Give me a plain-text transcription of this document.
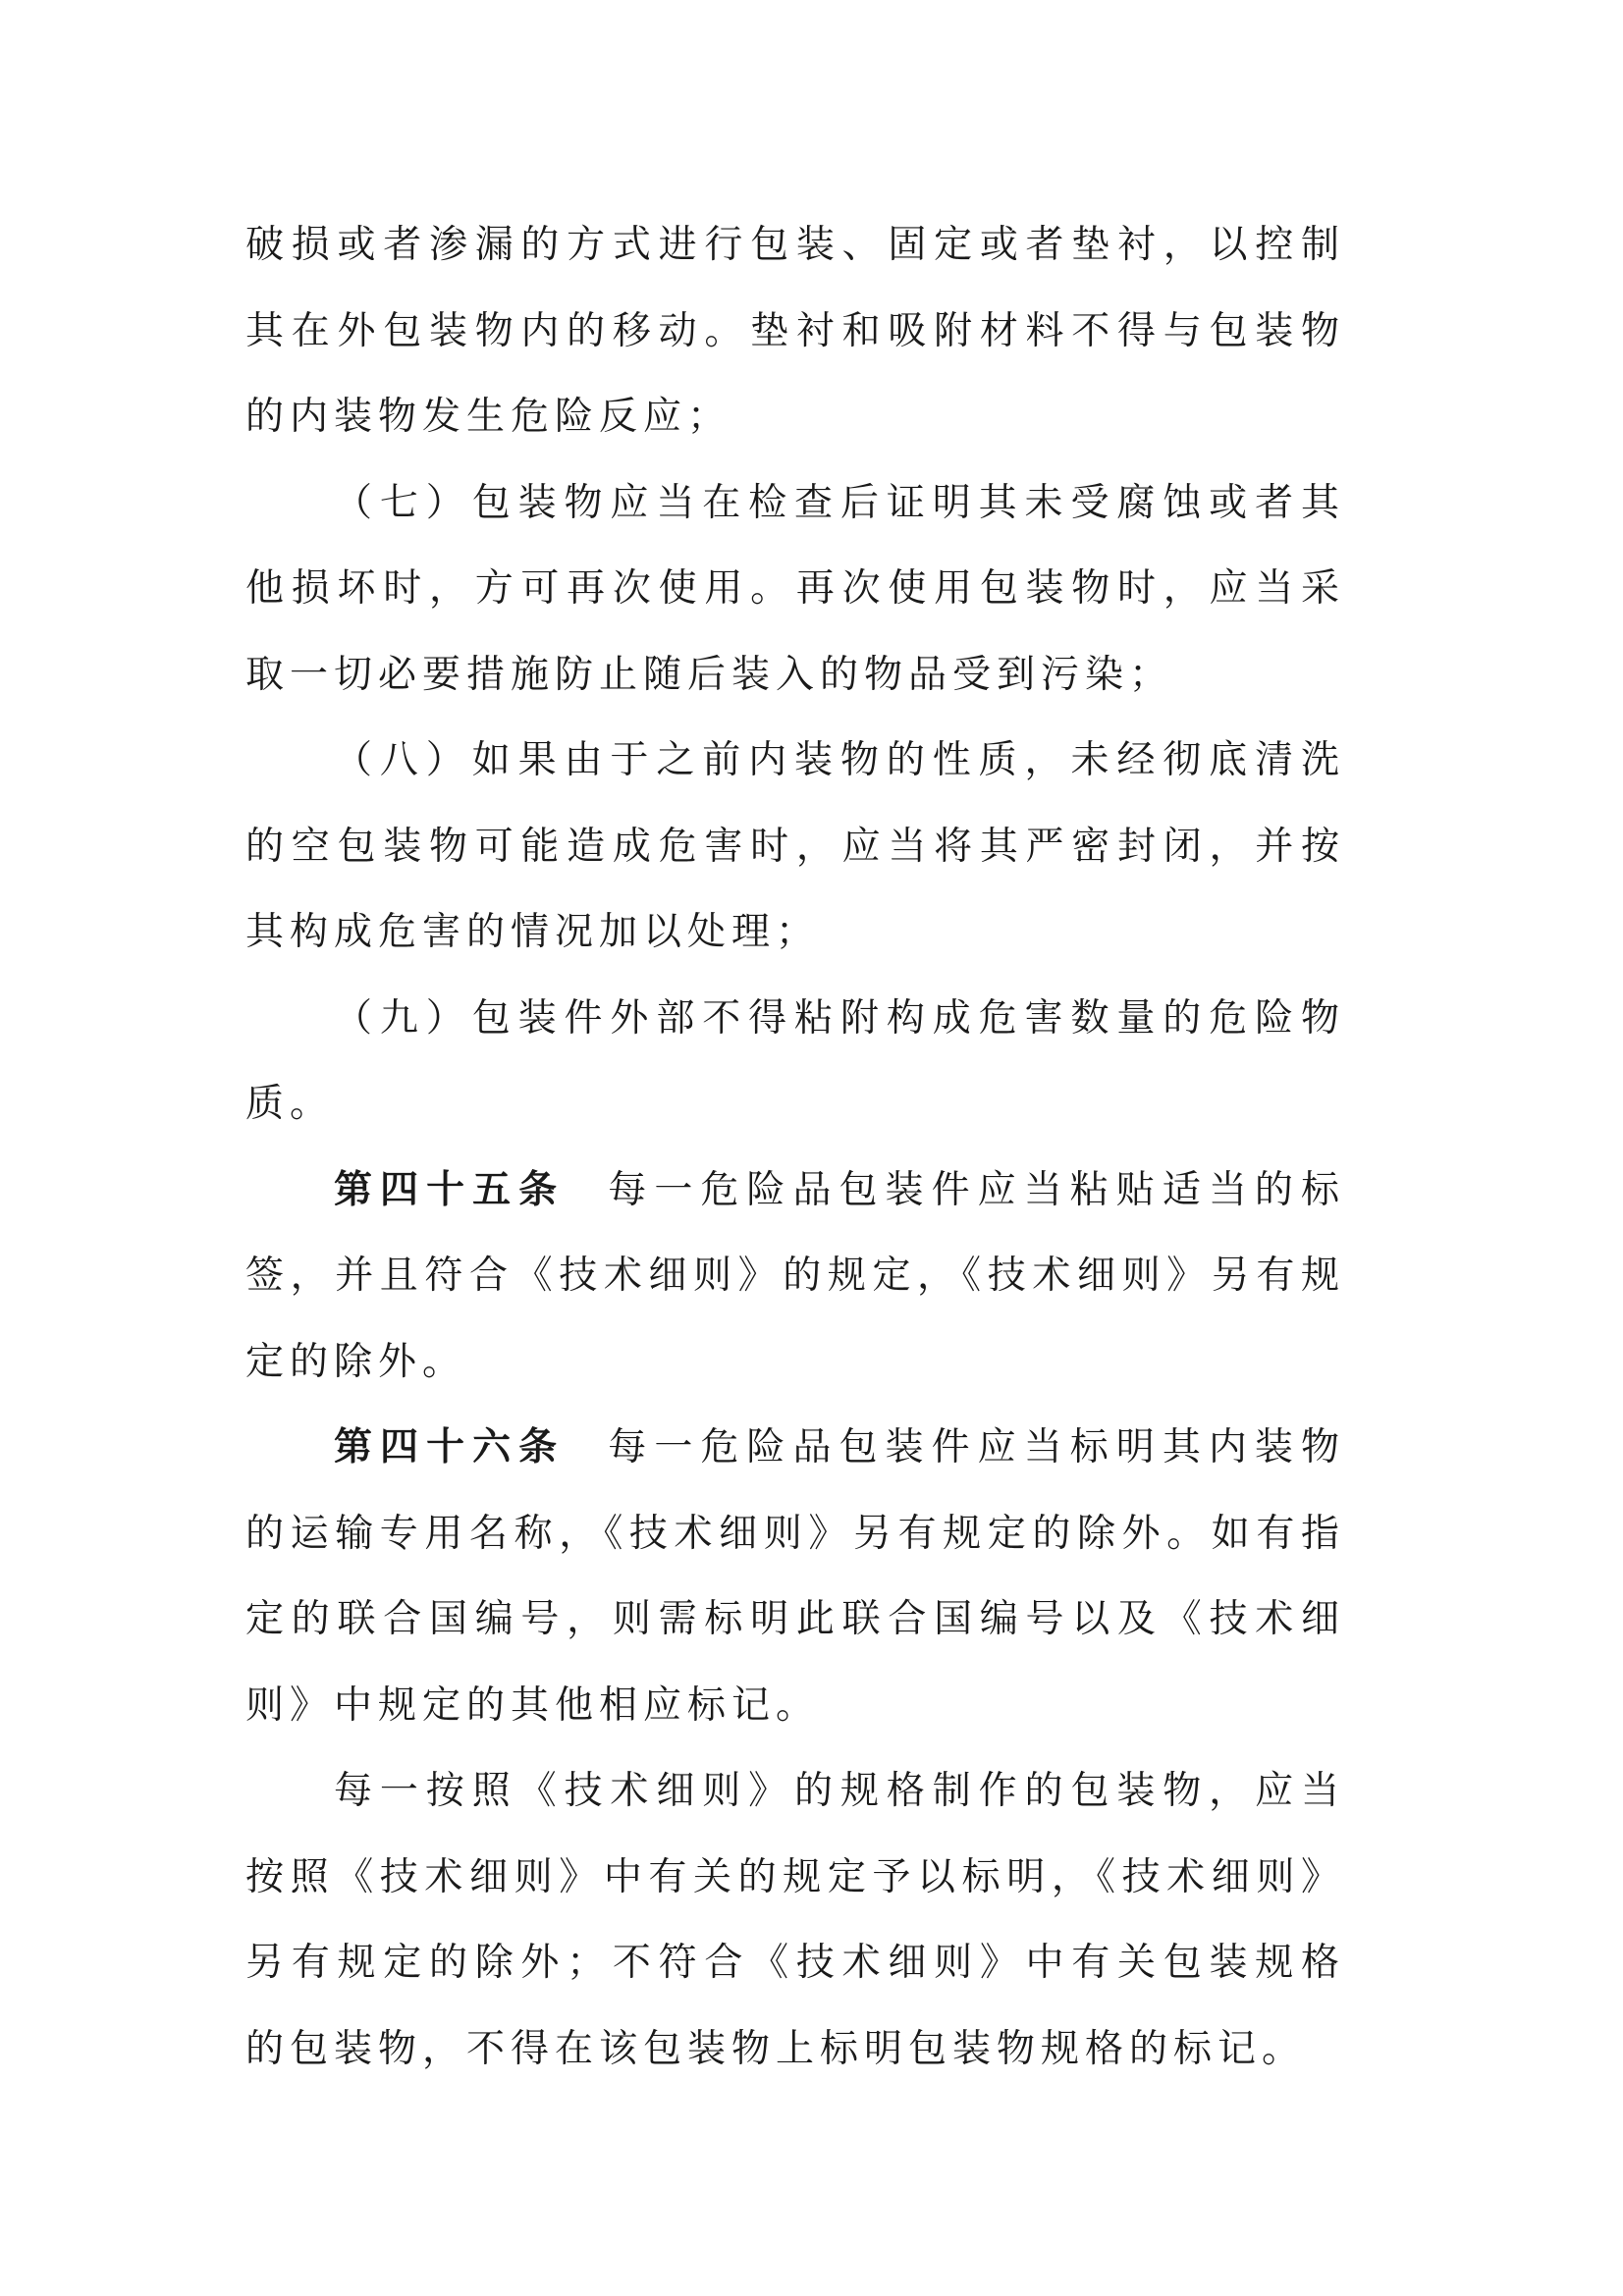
破损或者渗漏的方式进行包装、固定或者垫衬，以控制其在外包装物内的移动。垫衬和吸附材料不得与包装物的内装物发生危险反应；

（七）包装物应当在检查后证明其未受腐蚀或者其他损坏时，方可再次使用。再次使用包装物时，应当采取一切必要措施防止随后装入的物品受到污染；

（八）如果由于之前内装物的性质，未经彻底清洗的空包装物可能造成危害时，应当将其严密封闭，并按其构成危害的情况加以处理；

（九）包装件外部不得粘附构成危害数量的危险物质。

第四十五条 每一危险品包装件应当粘贴适当的标签，并且符合《技术细则》的规定，《技术细则》另有规定的除外。

第四十六条 每一危险品包装件应当标明其内装物的运输专用名称，《技术细则》另有规定的除外。如有指定的联合国编号，则需标明此联合国编号以及《技术细则》中规定的其他相应标记。

每一按照《技术细则》的规格制作的包装物，应当按照《技术细则》中有关的规定予以标明，《技术细则》另有规定的除外；不符合《技术细则》中有关包装规格的包装物，不得在该包装物上标明包装物规格的标记。
